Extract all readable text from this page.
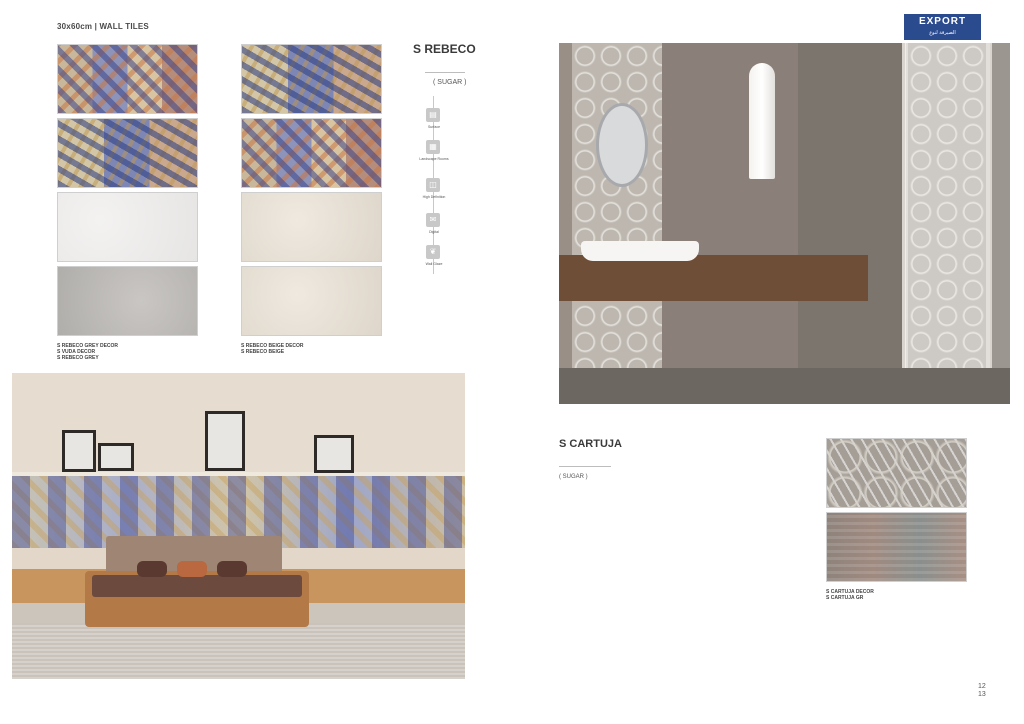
30x60cm | WALL TILES
S REBECO GREY DECOR
S VUDA DECOR
S REBECO GREY
S REBECO BEIGE DECOR
S REBECO BEIGE
S REBECO
( SUGAR )
▤
Surface
▦
Landscape Rooms
◫
High Definition
✉
Digital
❦
Wall Glaze
EXPORT
الصيرفة لنوع
S CARTUJA
( SUGAR )
S CARTUJA DECOR
S CARTUJA GR
12
13
